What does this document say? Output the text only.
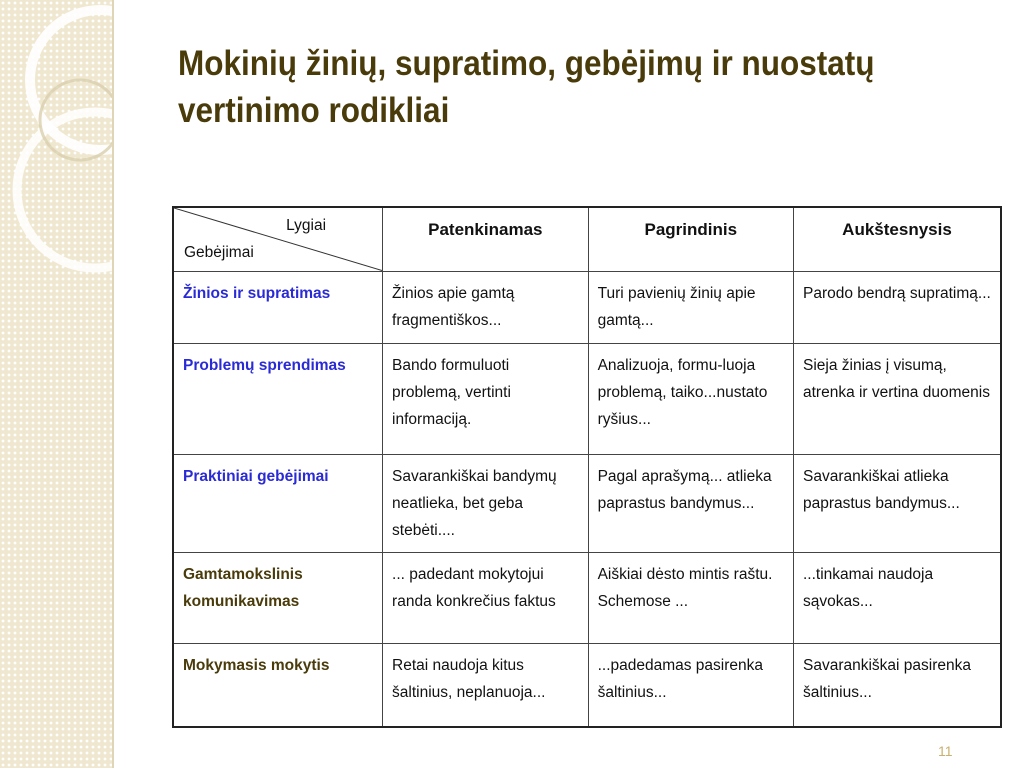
Mokinių žinių, supratimo, gebėjimų ir nuostatų vertinimo rodikliai
Lygiai
Gebėjimai	Patenkinamas	Pagrindinis	Aukštesnysis
Žinios ir supratimas	Žinios apie gamtą fragmentiškos...	Turi pavienių žinių apie gamtą...	Parodo bendrą supratimą...
Problemų sprendimas	Bando formuluoti problemą, vertinti informaciją.	Analizuoja, formu-luoja problemą, taiko...nustato ryšius...	Sieja žinias į visumą, atrenka ir vertina duomenis
Praktiniai gebėjimai	Savarankiškai bandymų neatlieka, bet geba stebėti....	Pagal aprašymą... atlieka paprastus bandymus...	Savarankiškai atlieka paprastus bandymus...
Gamtamokslinis komunikavimas	... padedant mokytojui randa konkrečius faktus	Aiškiai dėsto mintis raštu. Schemose ...	...tinkamai naudoja sąvokas...
Mokymasis mokytis	Retai naudoja kitus šaltinius, neplanuoja...	...padedamas pasirenka šaltinius...	Savarankiškai pasirenka šaltinius...
11-09-15
11
